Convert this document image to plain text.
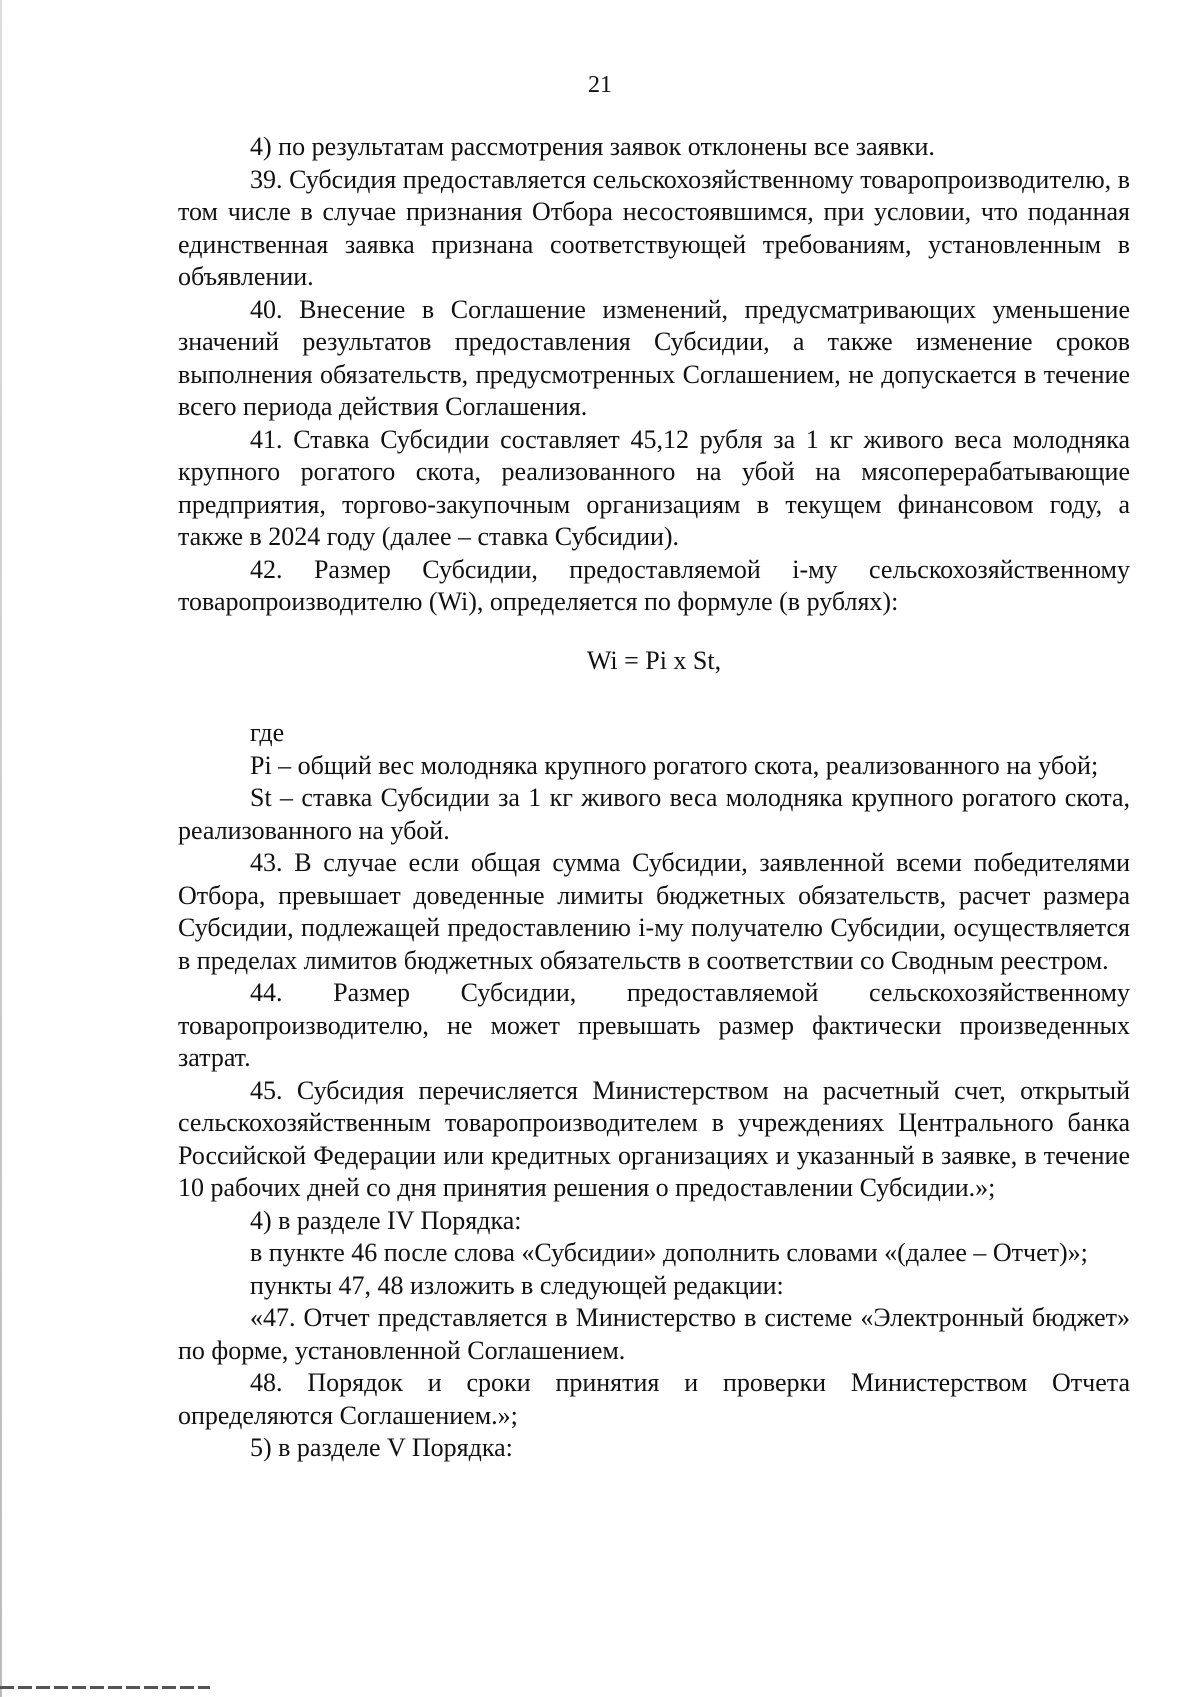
21

4) по результатам рассмотрения заявок отклонены все заявки.

39. Субсидия предоставляется сельскохозяйственному товаропроизводителю, в том числе в случае признания Отбора несостоявшимся, при условии, что поданная единственная заявка признана соответствующей требованиям, установленным в объявлении.

40. Внесение в Соглашение изменений, предусматривающих уменьшение значений результатов предоставления Субсидии, а также изменение сроков выполнения обязательств, предусмотренных Соглашением, не допускается в течение всего периода действия Соглашения.

41. Ставка Субсидии составляет 45,12 рубля за 1 кг живого веса молодняка крупного рогатого скота, реализованного на убой на мясоперерабатывающие предприятия, торгово-закупочным организациям в текущем финансовом году, а также в 2024 году (далее – ставка Субсидии).

42. Размер Субсидии, предоставляемой i-му сельскохозяйственному товаропроизводителю (Wi), определяется по формуле (в рублях):

Wi = Pi x St,

где

Pi – общий вес молодняка крупного рогатого скота, реализованного на убой;

St – ставка Субсидии за 1 кг живого веса молодняка крупного рогатого скота, реализованного на убой.

43. В случае если общая сумма Субсидии, заявленной всеми победителями Отбора, превышает доведенные лимиты бюджетных обязательств, расчет размера Субсидии, подлежащей предоставлению i-му получателю Субсидии, осуществляется в пределах лимитов бюджетных обязательств в соответствии со Сводным реестром.

44. Размер Субсидии, предоставляемой сельскохозяйственному товаропроизводителю, не может превышать размер фактически произведенных затрат.

45. Субсидия перечисляется Министерством на расчетный счет, открытый сельскохозяйственным товаропроизводителем в учреждениях Центрального банка Российской Федерации или кредитных организациях и указанный в заявке, в течение 10 рабочих дней со дня принятия решения о предоставлении Субсидии.»;

4) в разделе IV Порядка:

в пункте 46 после слова «Субсидии» дополнить словами «(далее – Отчет)»;

пункты 47, 48 изложить в следующей редакции:

«47. Отчет представляется в Министерство в системе «Электронный бюджет» по форме, установленной Соглашением.

48. Порядок и сроки принятия и проверки Министерством Отчета определяются Соглашением.»;

5) в разделе V Порядка:
